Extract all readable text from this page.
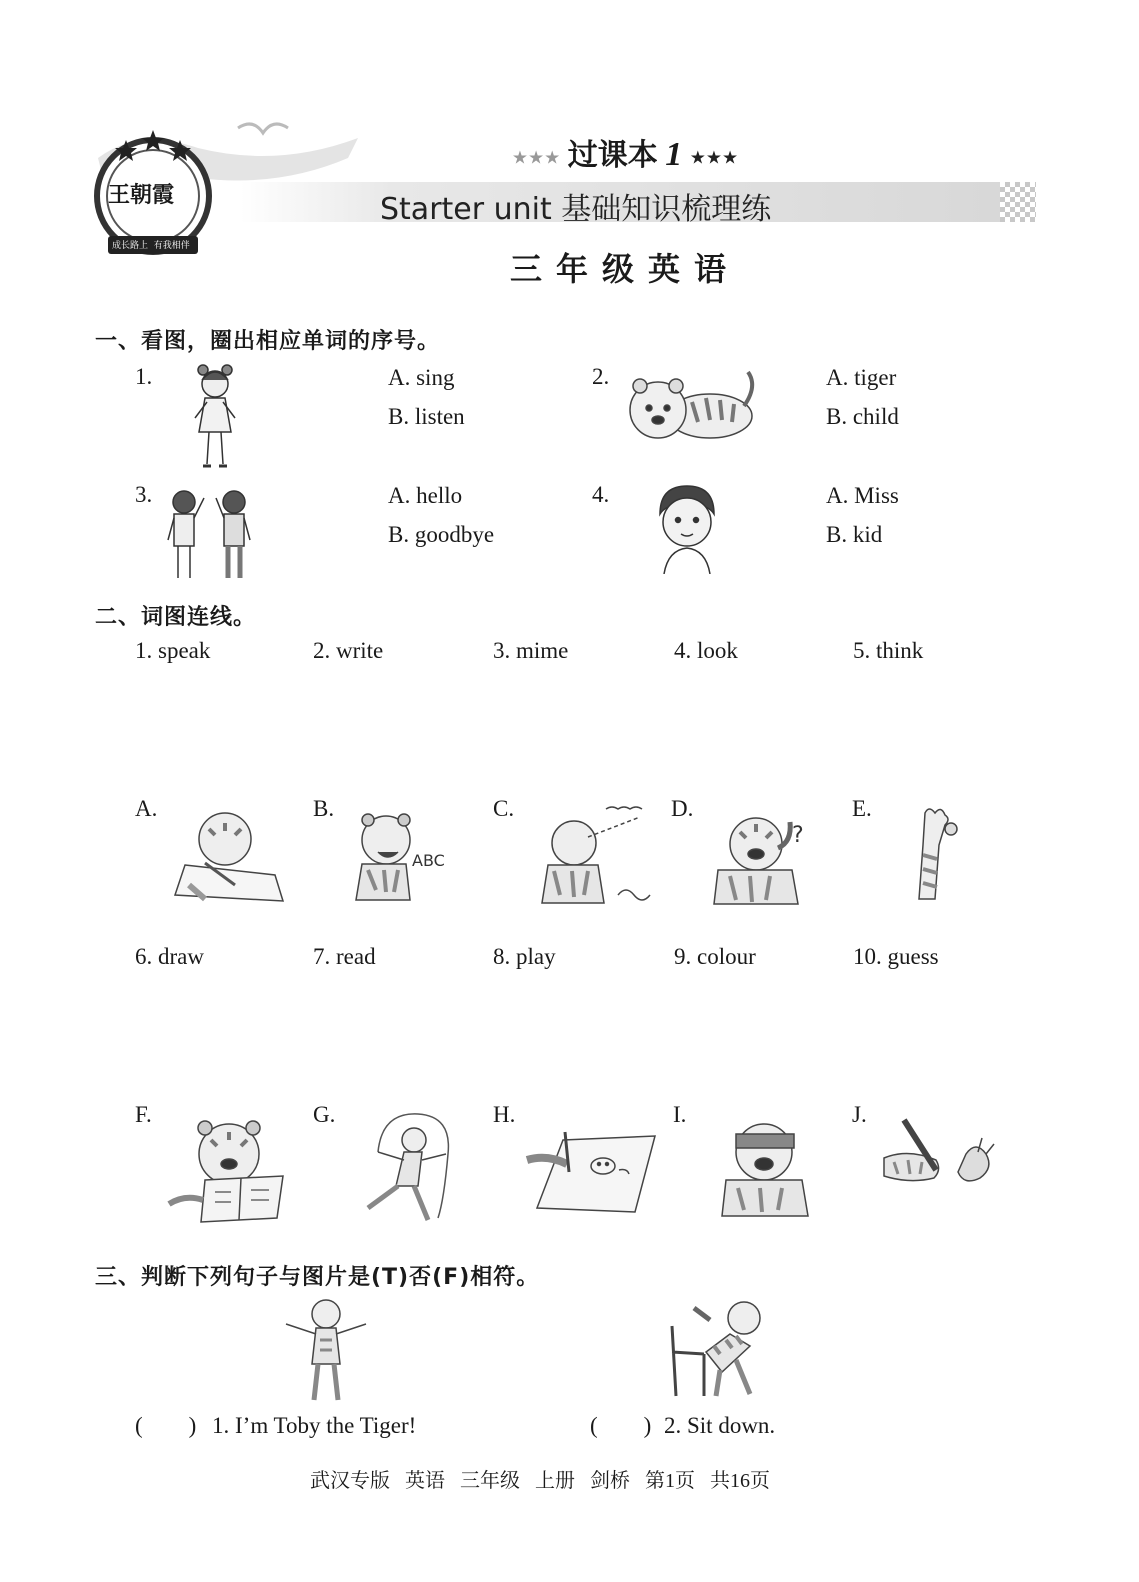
王朝霞
成长路上  有我相伴
★★★ 过课本 1 ★★★
Starter unit 基础知识梳理练
三年级英语
一、看图，圈出相应单词的序号。
1.	A. sing
B. listen
2.	A. tiger
B. child
3.	A. hello
B. goodbye
4.	A. Miss
B. kid
二、词图连线。
1. speak	2. write	3. mime	4. look	5. think
A.	B.
ABC
C.	D.
?
E.
6. draw	7. read	8. play	9. colour	10. guess
F.	G.	H.	I.	J.
三、判断下列句子与图片是(T)否(F)相符。
(        ) 1. I’m Toby the Tiger!	(        ) 2. Sit down.
武汉专版   英语   三年级   上册   剑桥   第1页   共16页
